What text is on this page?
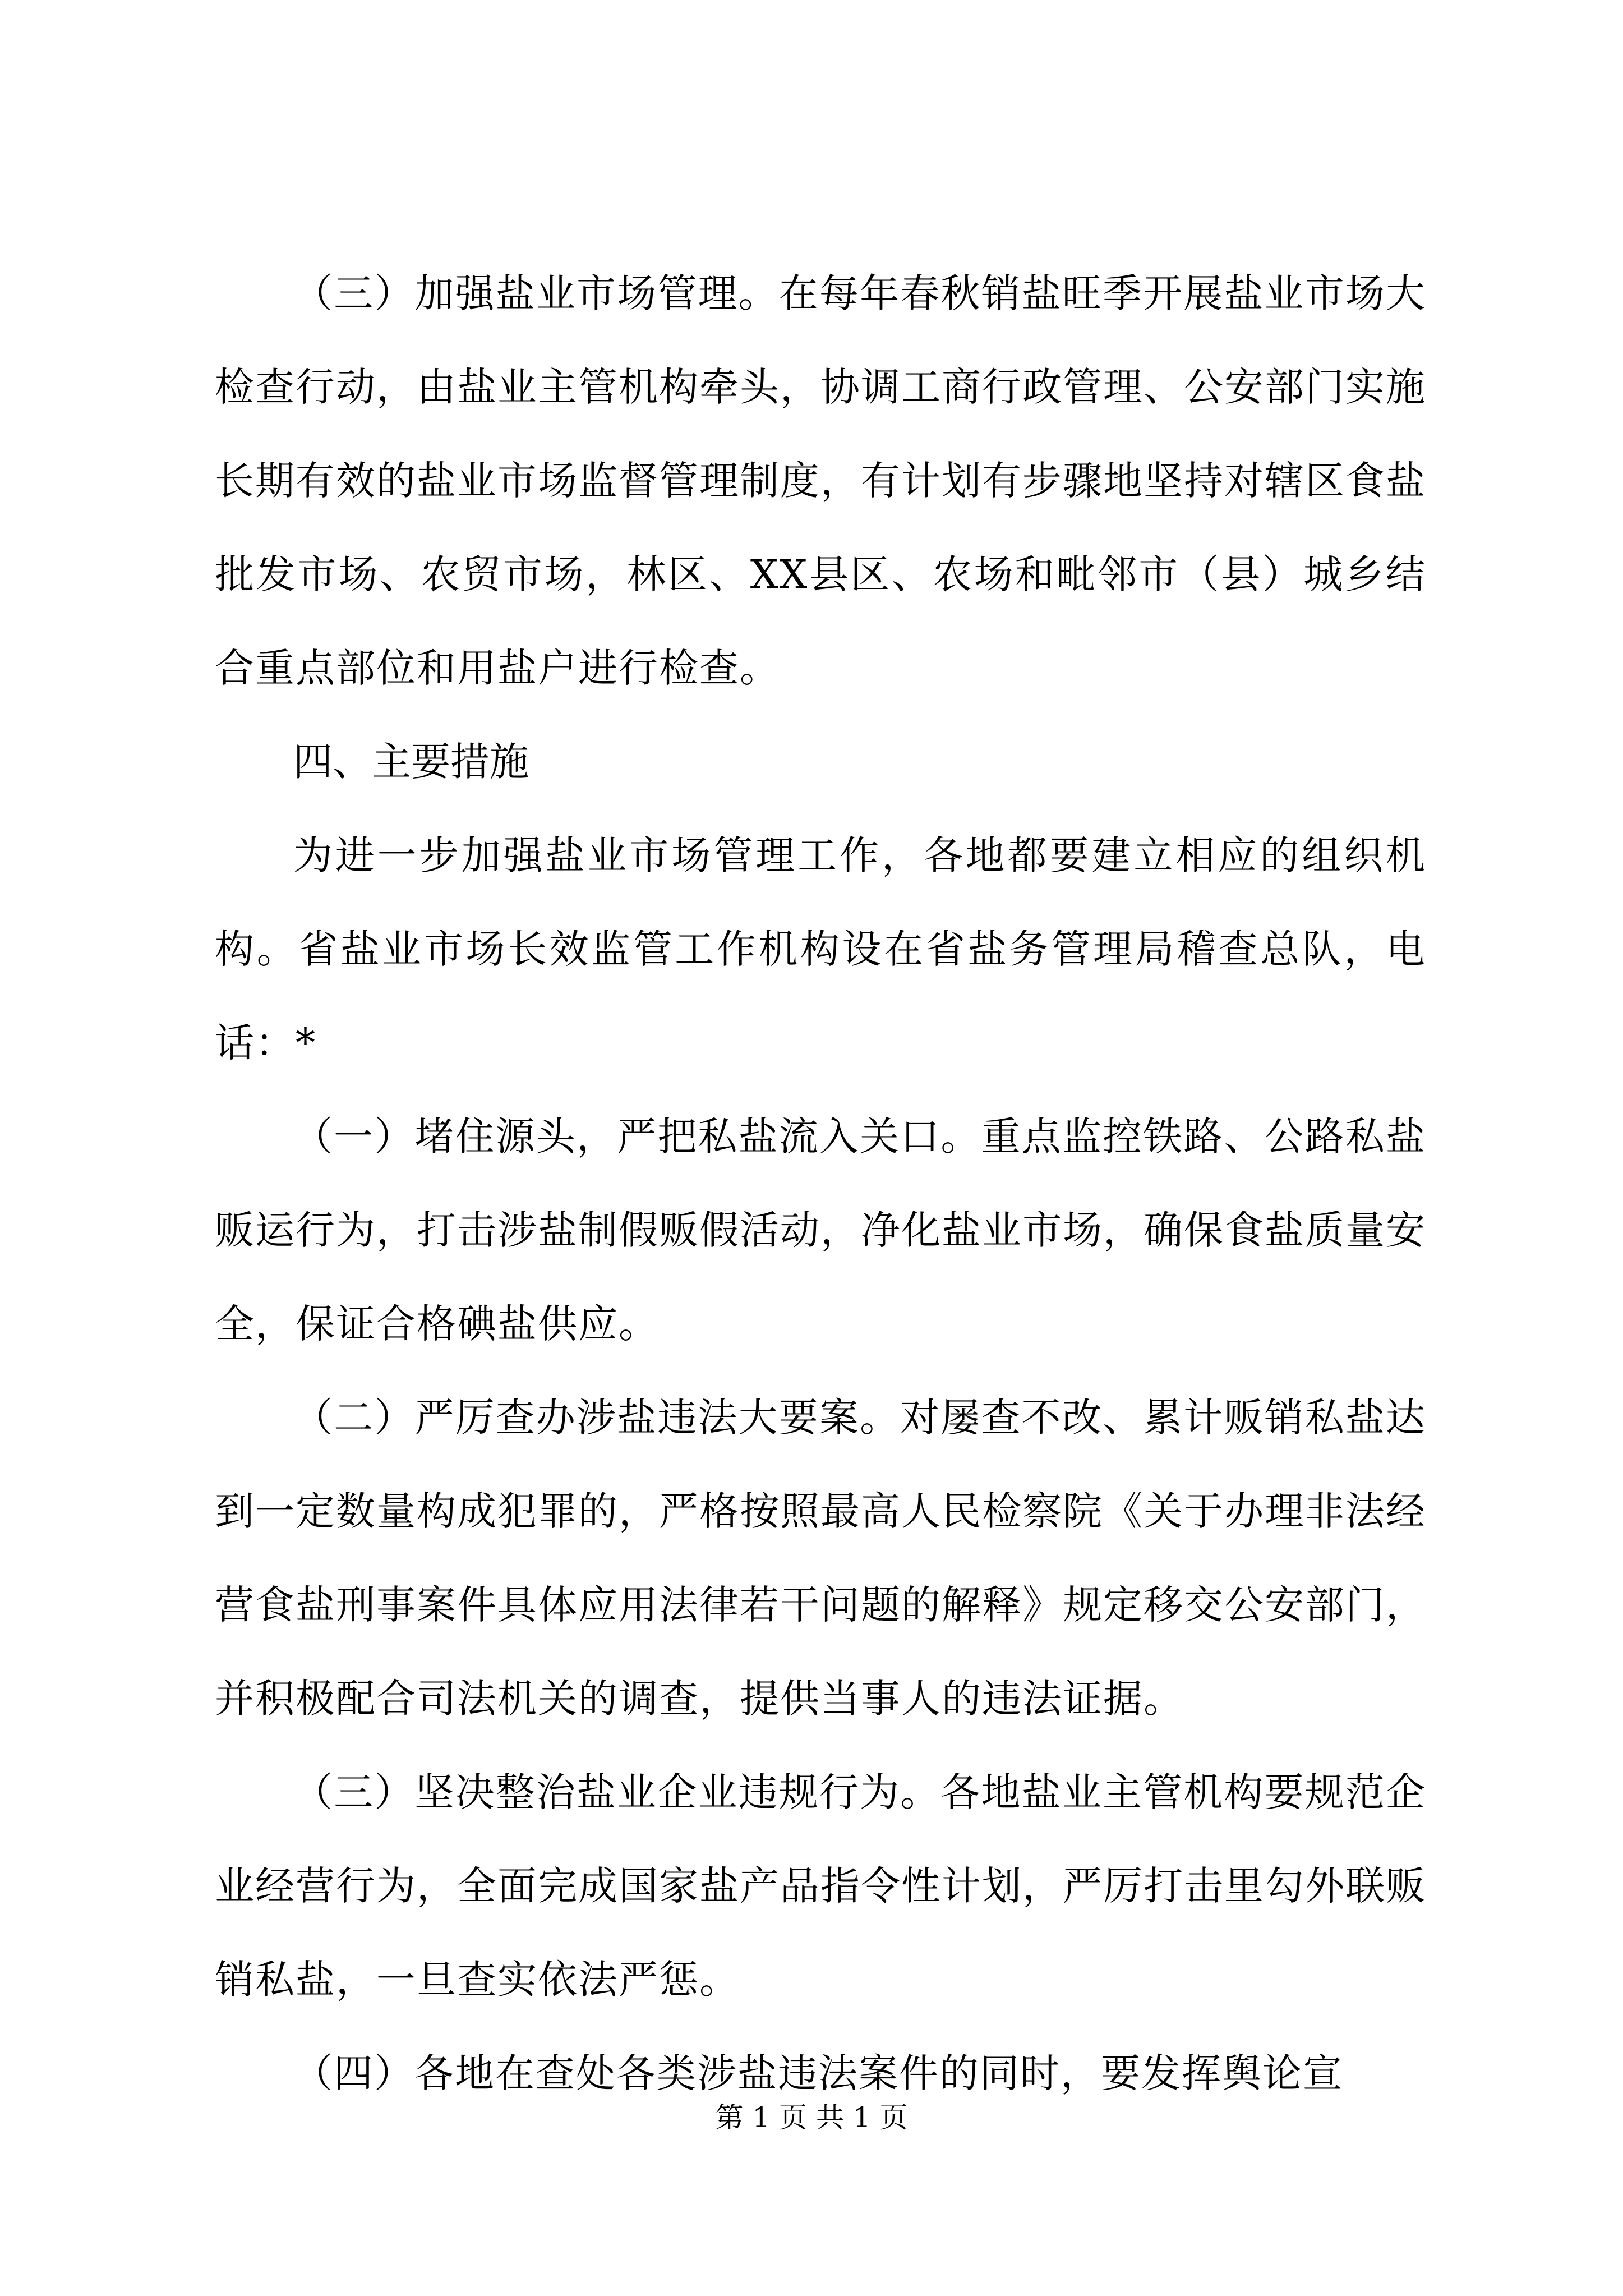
（三）加强盐业市场管理。在每年春秋销盐旺季开展盐业市场大检查行动，由盐业主管机构牵头，协调工商行政管理、公安部门实施长期有效的盐业市场监督管理制度，有计划有步骤地坚持对辖区食盐批发市场、农贸市场，林区、XX县区、农场和毗邻市（县）城乡结合重点部位和用盐户进行检查。

四、主要措施

为进一步加强盐业市场管理工作，各地都要建立相应的组织机构。省盐业市场长效监管工作机构设在省盐务管理局稽查总队，电话：*

（一）堵住源头，严把私盐流入关口。重点监控铁路、公路私盐贩运行为，打击涉盐制假贩假活动，净化盐业市场，确保食盐质量安全，保证合格碘盐供应。

（二）严厉查办涉盐违法大要案。对屡查不改、累计贩销私盐达到一定数量构成犯罪的，严格按照最高人民检察院《关于办理非法经营食盐刑事案件具体应用法律若干问题的解释》规定移交公安部门，并积极配合司法机关的调查，提供当事人的违法证据。

（三）坚决整治盐业企业违规行为。各地盐业主管机构要规范企业经营行为，全面完成国家盐产品指令性计划，严厉打击里勾外联贩销私盐，一旦查实依法严惩。

（四）各地在查处各类涉盐违法案件的同时，要发挥舆论宣

第 1 页 共 1 页
